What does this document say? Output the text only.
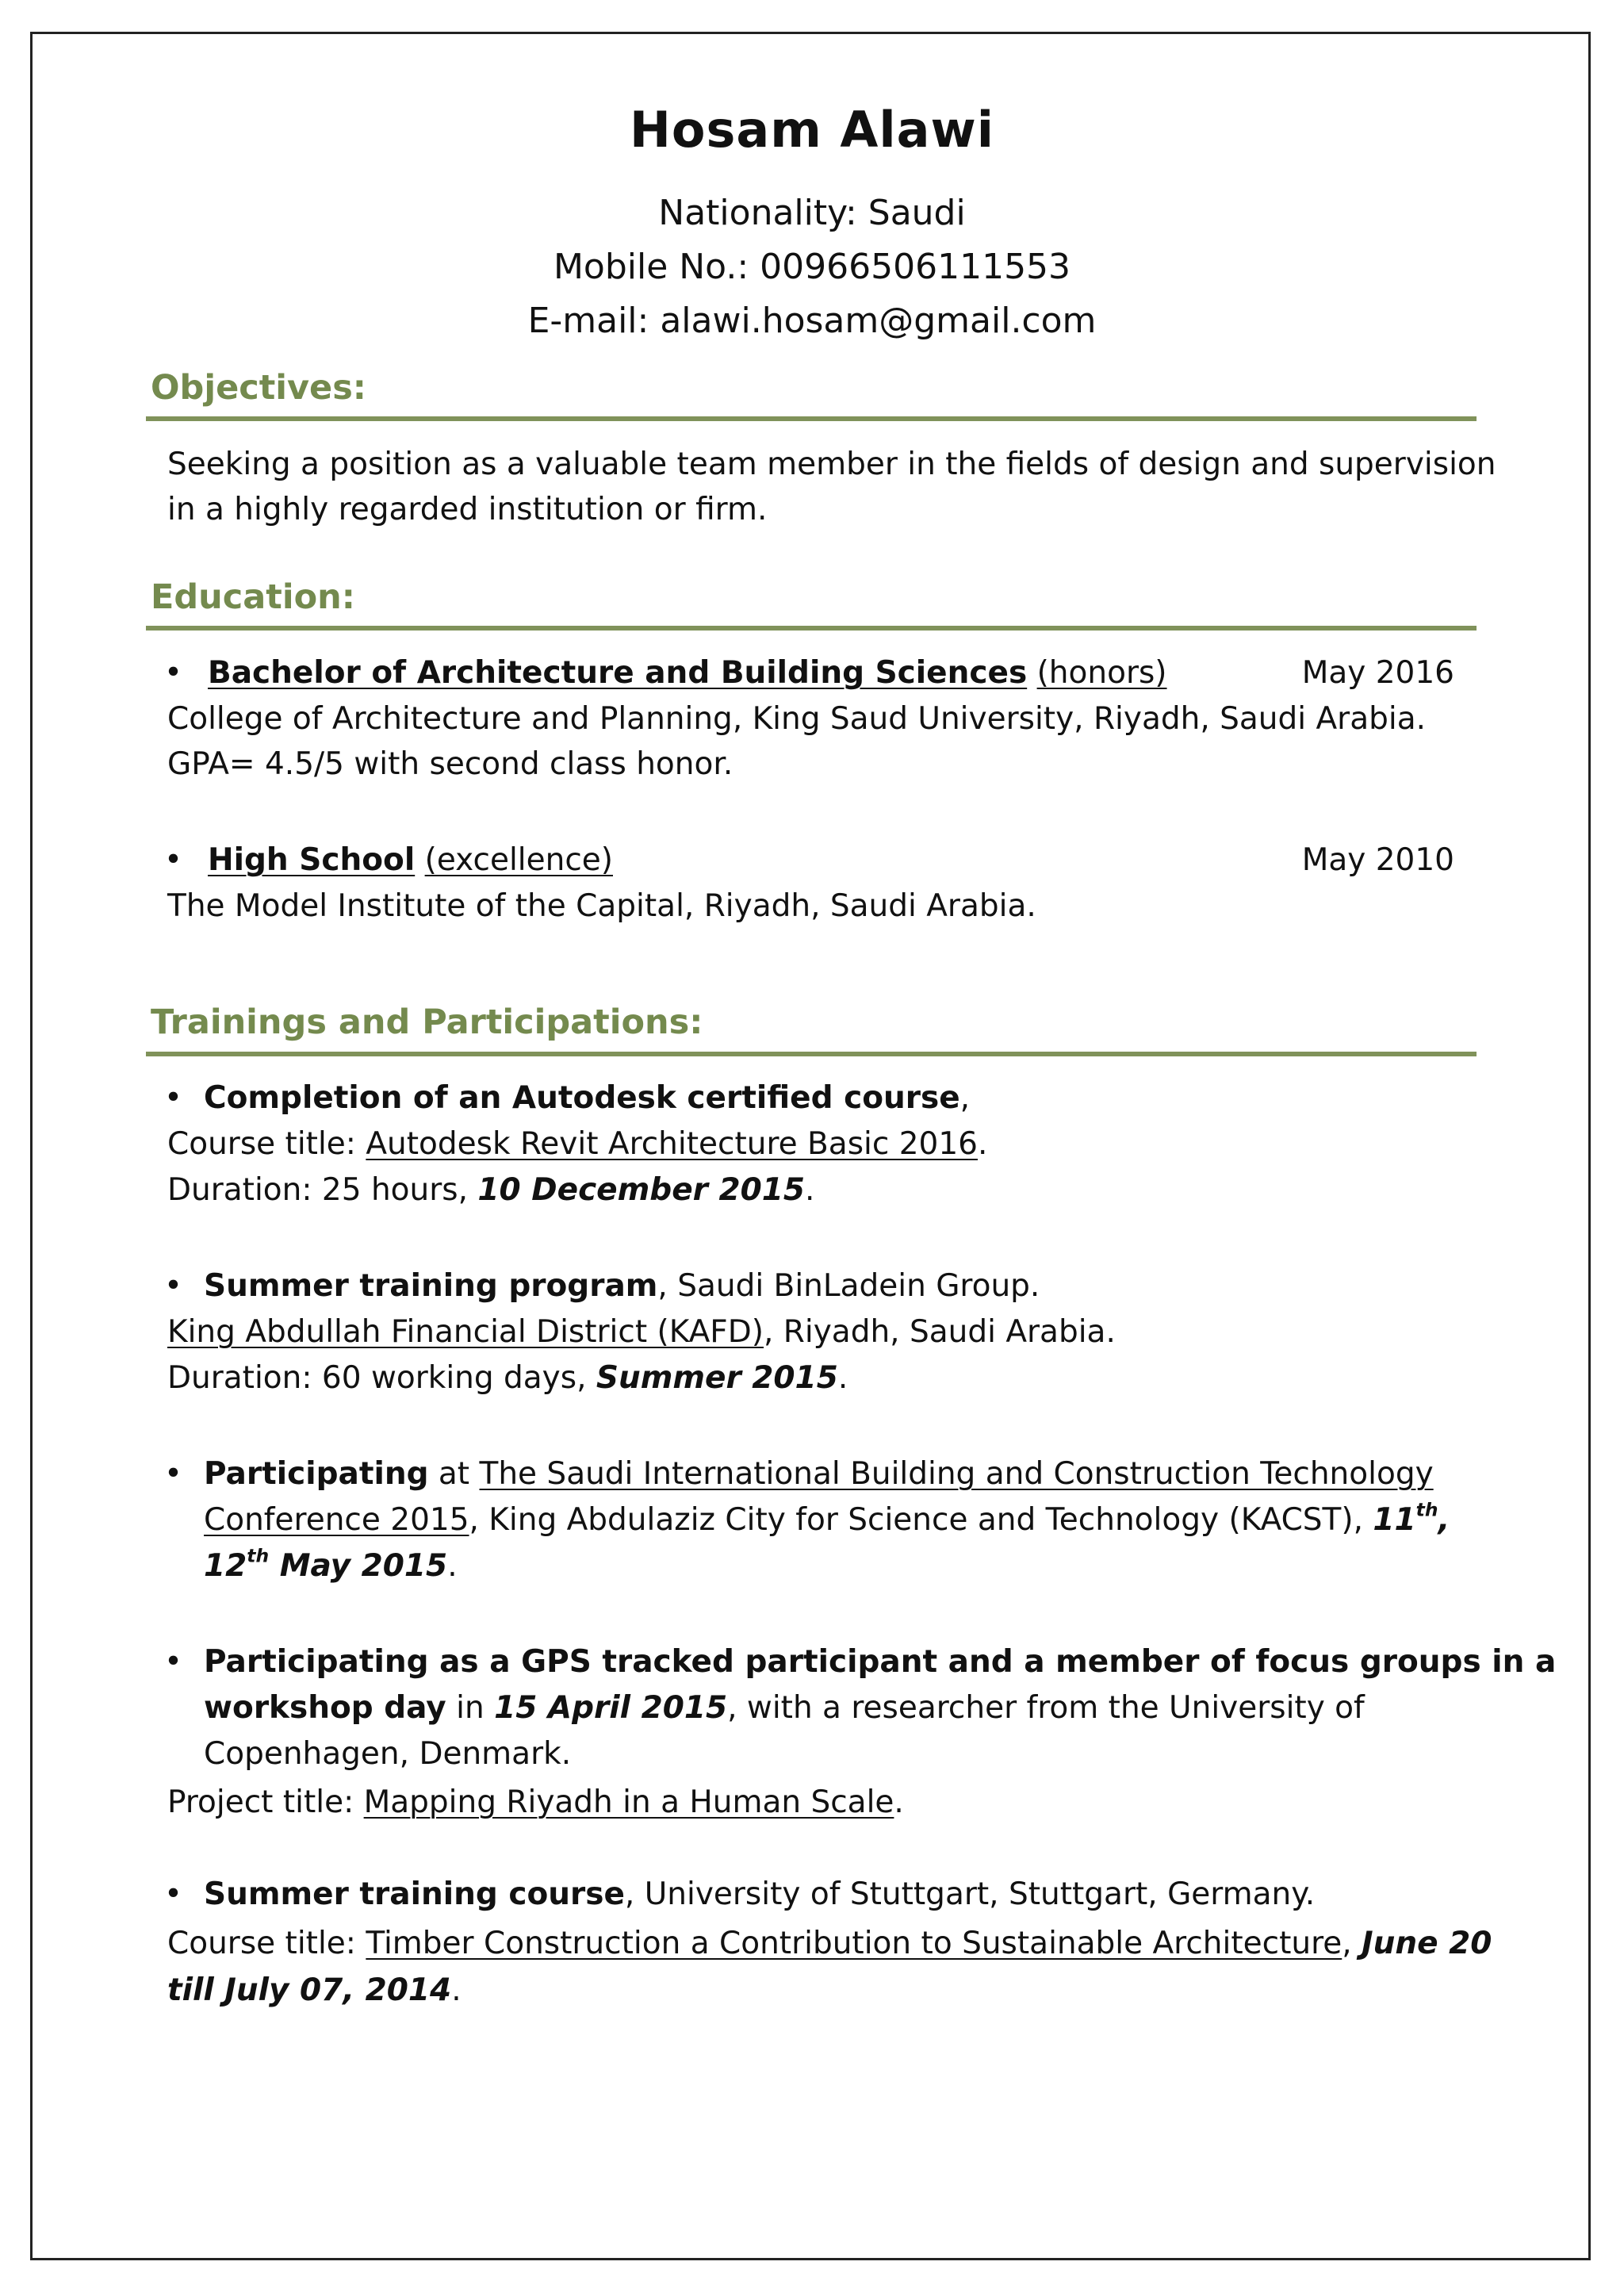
Hosam Alawi
Nationality: Saudi
Mobile No.: 00966506111553
E-mail: alawi.hosam@gmail.com
Objectives:
Seeking a position as a valuable team member in the fields of design and supervision
in a highly regarded institution or firm.
Education:
• Bachelor of Architecture and Building Sciences (honors)	May 2016
College of Architecture and Planning, King Saud University, Riyadh, Saudi Arabia.
GPA= 4.5/5 with second class honor.
• High School (excellence)	May 2010
The Model Institute of the Capital, Riyadh, Saudi Arabia.
Trainings and Participations:
• Completion of an Autodesk certified course,
Course title: Autodesk Revit Architecture Basic 2016.
Duration: 25 hours, 10 December 2015.
• Summer training program, Saudi BinLadein Group.
King Abdullah Financial District (KAFD), Riyadh, Saudi Arabia.
Duration: 60 working days, Summer 2015.
• Participating at The Saudi International Building and Construction Technology
Conference 2015, King Abdulaziz City for Science and Technology (KACST), 11th,
12th May 2015.
• Participating as a GPS tracked participant and a member of focus groups in a
workshop day in 15 April 2015, with a researcher from the University of
Copenhagen, Denmark.
Project title: Mapping Riyadh in a Human Scale.
• Summer training course, University of Stuttgart, Stuttgart, Germany.
Course title: Timber Construction a Contribution to Sustainable Architecture, June 20
till July 07, 2014.
